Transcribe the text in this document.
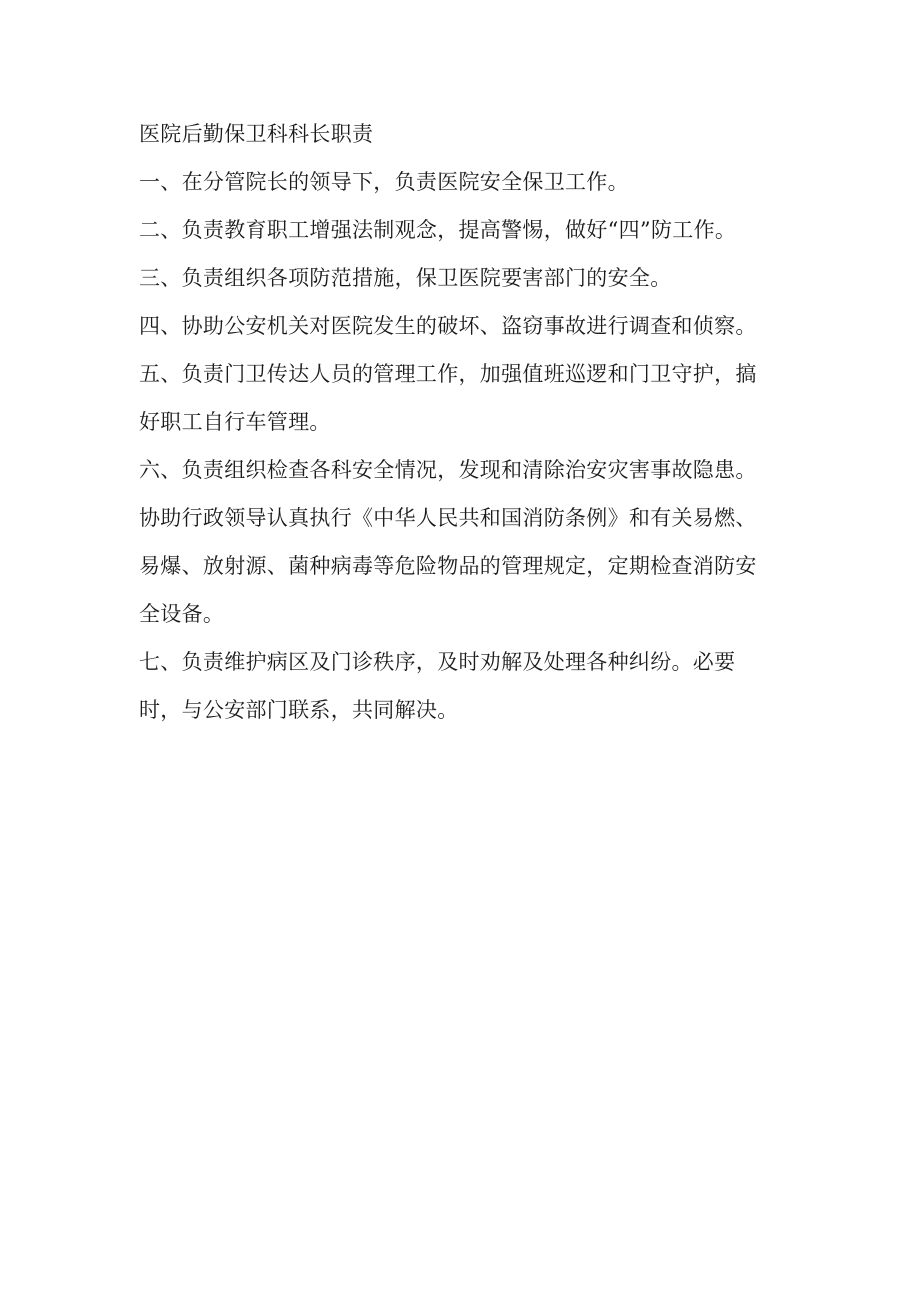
医院后勤保卫科科长职责
一、在分管院长的领导下，负责医院安全保卫工作。
二、负责教育职工增强法制观念，提高警惕，做好“四”防工作。
三、负责组织各项防范措施，保卫医院要害部门的安全。
四、协助公安机关对医院发生的破坏、盗窃事故进行调查和侦察。
五、负责门卫传达人员的管理工作，加强值班巡逻和门卫守护，搞
好职工自行车管理。
六、负责组织检查各科安全情况，发现和清除治安灾害事故隐患。
协助行政领导认真执行《中华人民共和国消防条例》和有关易燃、
易爆、放射源、菌种病毒等危险物品的管理规定，定期检查消防安
全设备。
七、负责维护病区及门诊秩序，及时劝解及处理各种纠纷。必要
时，与公安部门联系，共同解决。
